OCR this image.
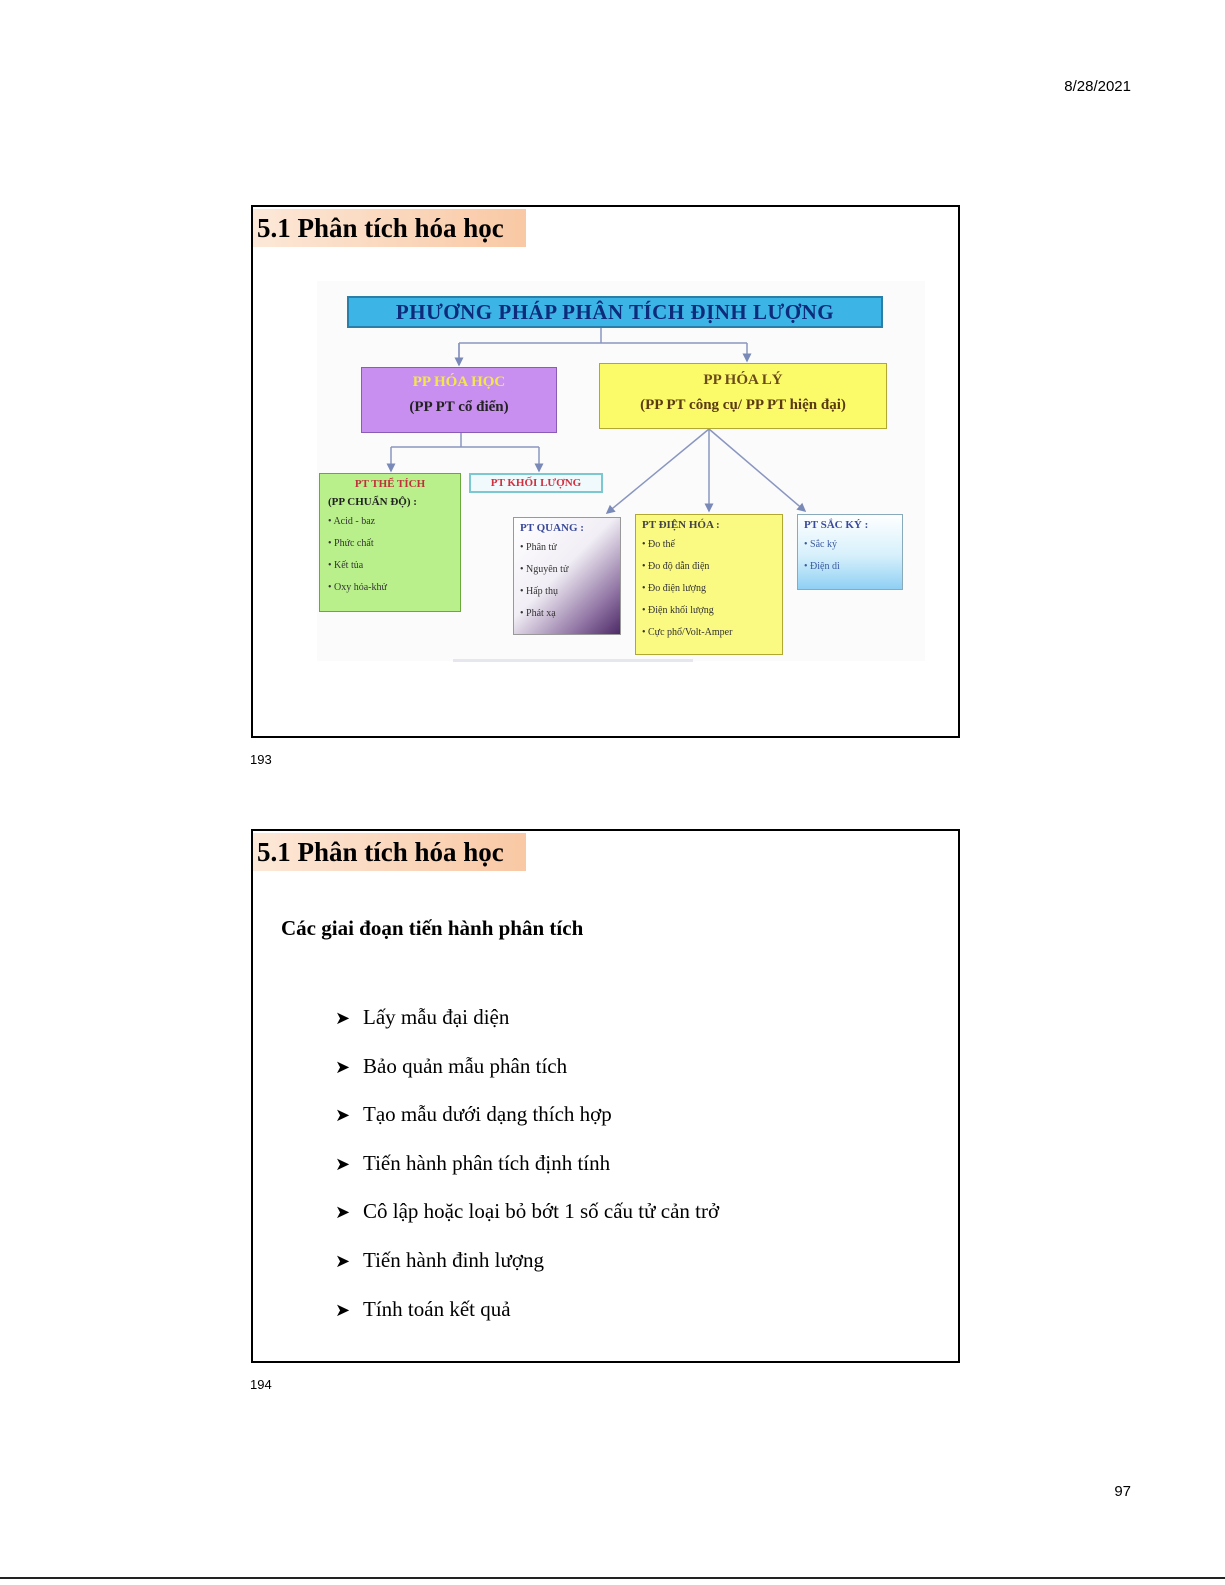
8/28/2021
5.1 Phân tích hóa học
PHƯƠNG PHÁP PHÂN TÍCH ĐỊNH LƯỢNG
PP HÓA HỌC
(PP PT cổ điển)
PP HÓA LÝ
(PP PT công cụ/ PP PT hiện đại)
PT THỂ TÍCH
(PP CHUẨN ĐỘ) :
• Acid - baz
• Phức chất
• Kết tủa
• Oxy hóa-khử
PT KHỐI LƯỢNG
PT QUANG :
• Phân tử
• Nguyên tử
• Hấp thụ
• Phát xạ
PT ĐIỆN HÓA :
• Đo thế
• Đo độ dẫn điện
• Đo điện lượng
• Điện khối lượng
• Cực phổ/Volt-Amper
PT SẮC KÝ :
• Sắc ký
• Điện di
193
5.1 Phân tích hóa học
Các giai đoạn tiến hành phân tích
➤ Lấy mẫu đại diện
➤ Bảo quản mẫu phân tích
➤ Tạo mẫu dưới dạng thích hợp
➤ Tiến hành phân tích định tính
➤ Cô lập hoặc loại bỏ bớt 1 số cấu tử cản trở
➤ Tiến hành đinh lượng
➤ Tính toán kết quả
194
97
